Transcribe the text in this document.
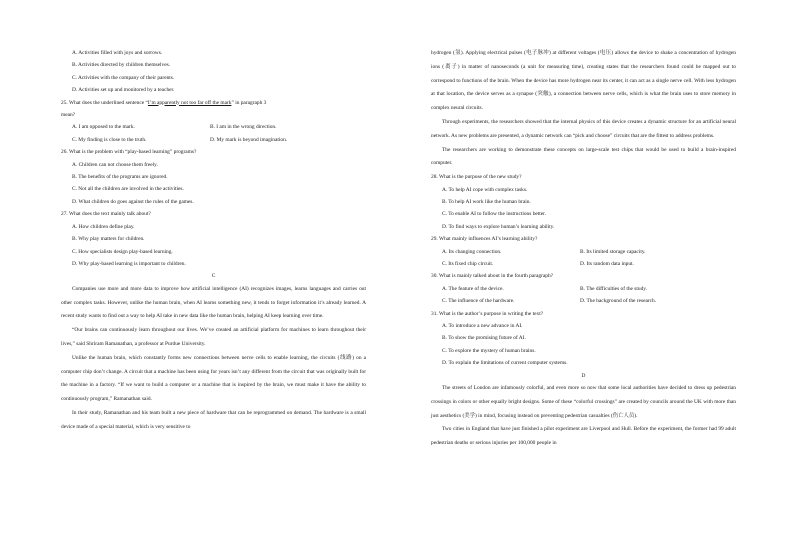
A. Activities filled with joys and sorrows.
B. Activities directed by children themselves.
C. Activities with the company of their parents.
D. Activities set up and monitored by a teacher.
25. What does the underlined sentence “I’m apparently not too far off the mark” in paragraph 3
mean?
A. I am opposed to the mark.	B. I am in the wrong direction.
C. My finding is close to the truth.	D. My mark is beyond imagination.
26. What is the problem with “play-based learning” programs?
A. Children can not choose them freely.
B. The benefits of the programs are ignored.
C. Not all the children are involved in the activities.
D. What children do goes against the rules of the games.
27. What does the text mainly talk about?
A. How children define play.
B. Why play matters for children.
C. How specialists design play-based learning.
D. Why play-based learning is important to children.
C
Companies use more and more data to improve how artificial intelligence (AI) recognizes images, learns languages and carries out other complex tasks. However, unlike the human brain, when AI learns something new, it tends to forget information it’s already learned. A recent study wants to find out a way to help AI take in new data like the human brain, helping AI keep learning over time.
“Our brains can continuously learn throughout our lives. We’ve created an artificial platform for machines to learn throughout their lives,” said Shriram Ramanathan, a professor at Purdue University.
Unlike the human brain, which constantly forms new connections between nerve cells to enable learning, the circuits (线路) on a computer chip don’t change. A circuit that a machine has been using for years isn’t any different from the circuit that was originally built for the machine in a factory. “If we want to build a computer or a machine that is inspired by the brain, we must make it have the ability to continuously program,” Ramanathan said.
In their study, Ramanathan and his team built a new piece of hardware that can be reprogrammed on demand. The hardware is a small device made of a special material, which is very sensitive to
hydrogen (氢). Applying electrical pulses (电子脉冲) at different voltages (电压) allows the device to shake a concentration of hydrogen ions (离子) in matter of nanoseconds (a unit for measuring time), creating states that the researchers found could be mapped out to correspond to functions of the brain. When the device has more hydrogen near its center, it can act as a single nerve cell. With less hydrogen at that location, the device serves as a synapse (突触), a connection between nerve cells, which is what the brain uses to store memory in complex neural circuits.
Through experiments, the researchers showed that the internal physics of this device creates a dynamic structure for an artificial neural network. As new problems are presented, a dynamic network can “pick and choose” circuits that are the fittest to address problems.
The researchers are working to demonstrate these concepts on large-scale test chips that would be used to build a brain-inspired computer.
28. What is the purpose of the new study?
A. To help AI cope with complex tasks.
B. To help AI work like the human brain.
C. To enable AI to follow the instructions better.
D. To find ways to explore human’s learning ability.
29. What mainly influences AI’s learning ability?
A. Its changing connection.	B. Its limited storage capacity.
C. Its fixed chip circuit.	D. Its random data input.
30. What is mainly talked about in the fourth paragraph?
A. The feature of the device.	B. The difficulties of the study.
C. The influence of the hardware.	D. The background of the research.
31. What is the author’s purpose in writing the text?
A. To introduce a new advance in AI.
B. To show the promising future of AI.
C. To explore the mystery of human brains.
D. To explain the limitations of current computer systems.
D
The streets of London are infamously colorful, and even more so now that some local authorities have decided to dress up pedestrian crossings in colors or other equally bright designs. Some of these “colorful crossings” are created by councils around the UK with more than just aesthetics (美学) in mind, focusing instead on preventing pedestrian casualties (伤亡人员).
Two cities in England that have just finished a pilot experiment are Liverpool and Hull. Before the experiment, the former had 99 adult pedestrian deaths or serious injuries per 100,000 people in
